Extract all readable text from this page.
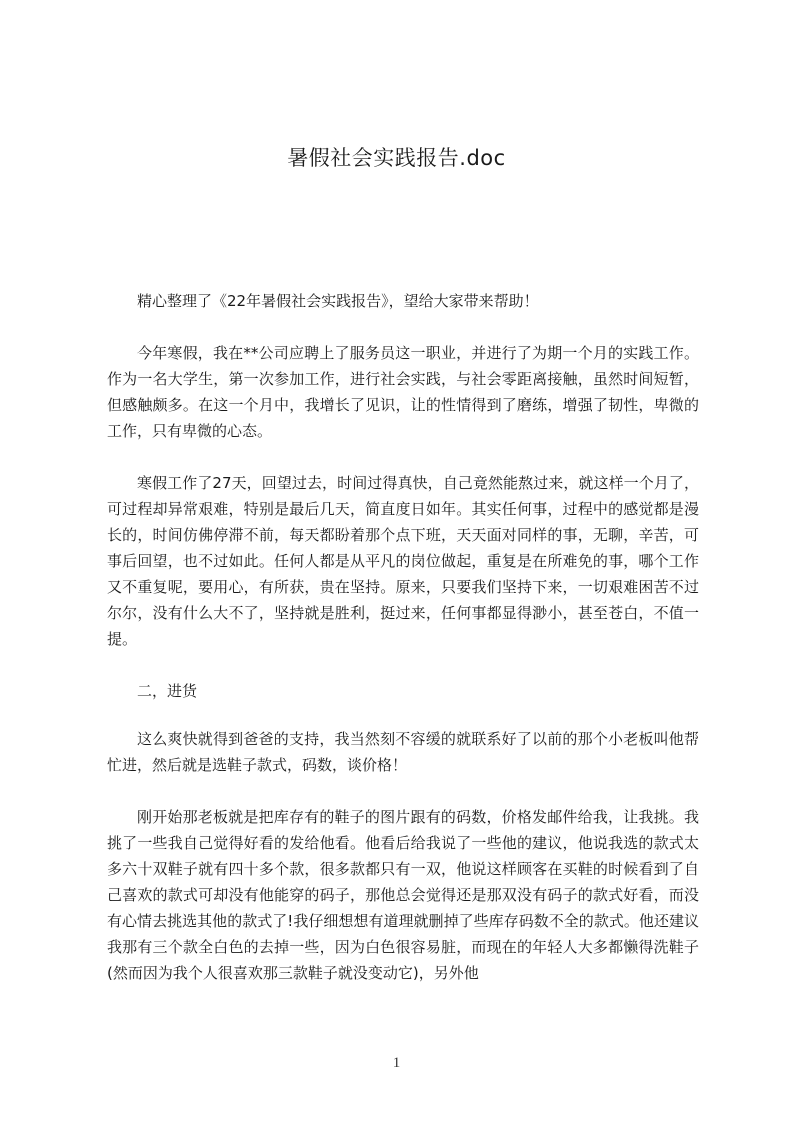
暑假社会实践报告.doc

精心整理了《22年暑假社会实践报告》，望给大家带来帮助！

今年寒假，我在**公司应聘上了服务员这一职业，并进行了为期一个月的实践工作。作为一名大学生，第一次参加工作，进行社会实践，与社会零距离接触，虽然时间短暂，但感触颇多。在这一个月中，我增长了见识，让的性情得到了磨练，增强了韧性，卑微的工作，只有卑微的心态。

寒假工作了27天，回望过去，时间过得真快，自己竟然能熬过来，就这样一个月了，可过程却异常艰难，特别是最后几天，简直度日如年。其实任何事，过程中的感觉都是漫长的，时间仿佛停滞不前，每天都盼着那个点下班，天天面对同样的事，无聊，辛苦，可事后回望，也不过如此。任何人都是从平凡的岗位做起，重复是在所难免的事，哪个工作又不重复呢，要用心，有所获，贵在坚持。原来，只要我们坚持下来，一切艰难困苦不过尔尔，没有什么大不了，坚持就是胜利，挺过来，任何事都显得渺小，甚至苍白，不值一提。

二，进货

这么爽快就得到爸爸的支持，我当然刻不容缓的就联系好了以前的那个小老板叫他帮忙进，然后就是选鞋子款式，码数，谈价格！

刚开始那老板就是把库存有的鞋子的图片跟有的码数，价格发邮件给我，让我挑。我挑了一些我自己觉得好看的发给他看。他看后给我说了一些他的建议，他说我选的款式太多六十双鞋子就有四十多个款，很多款都只有一双，他说这样顾客在买鞋的时候看到了自己喜欢的款式可却没有他能穿的码子，那他总会觉得还是那双没有码子的款式好看，而没有心情去挑选其他的款式了!我仔细想想有道理就删掉了些库存码数不全的款式。他还建议我那有三个款全白色的去掉一些，因为白色很容易脏，而现在的年轻人大多都懒得洗鞋子(然而因为我个人很喜欢那三款鞋子就没变动它)，另外他

1
